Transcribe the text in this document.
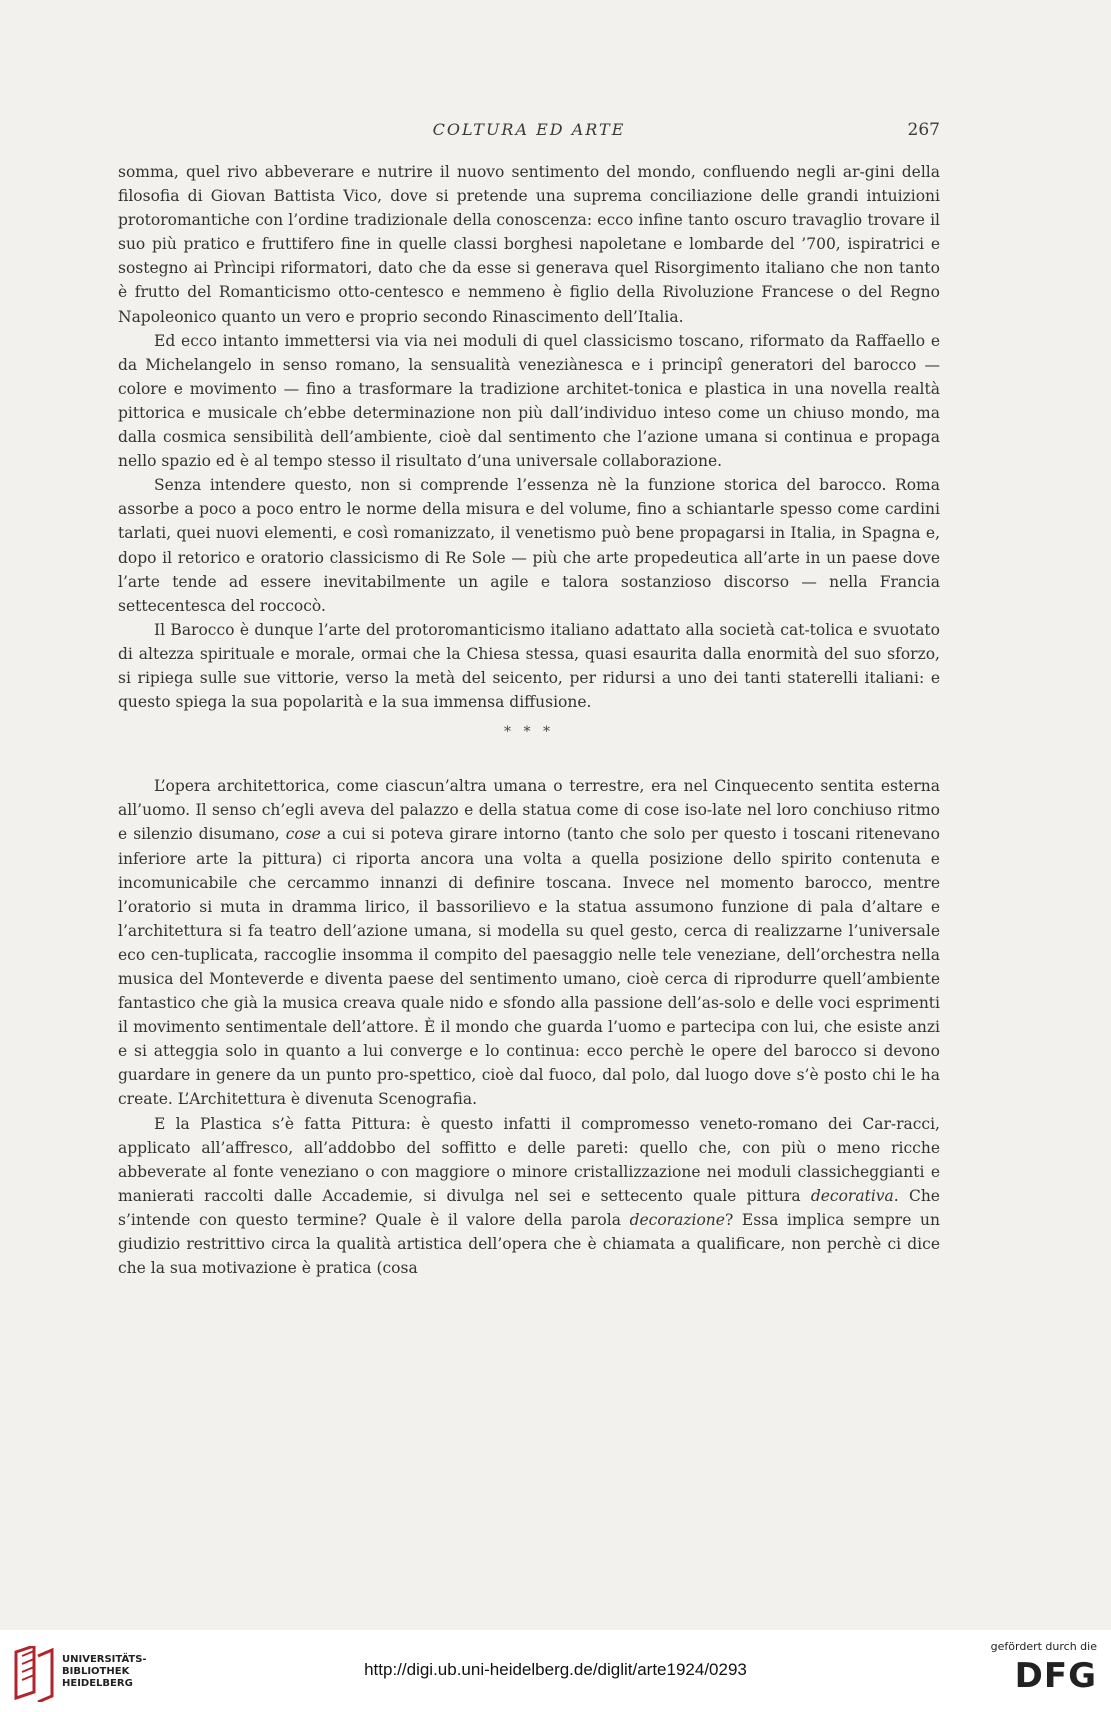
COLTURA ED ARTE	267

somma, quel rivo abbeverare e nutrire il nuovo sentimento del mondo, confluendo negli ar-gini della filosofia di Giovan Battista Vico, dove si pretende una suprema conciliazione delle grandi intuizioni protoromantiche con l’ordine tradizionale della conoscenza: ecco infine tanto oscuro travaglio trovare il suo più pratico e fruttifero fine in quelle classi borghesi napoletane e lombarde del ’700, ispiratrici e sostegno ai Prìncipi riformatori, dato che da esse si generava quel Risorgimento italiano che non tanto è frutto del Romanticismo otto-centesco e nemmeno è figlio della Rivoluzione Francese o del Regno Napoleonico quanto un vero e proprio secondo Rinascimento dell’Italia.

Ed ecco intanto immettersi via via nei moduli di quel classicismo toscano, riformato da Raffaello e da Michelangelo in senso romano, la sensualità veneziànesca e i principî generatori del barocco — colore e movimento — fino a trasformare la tradizione architet-tonica e plastica in una novella realtà pittorica e musicale ch’ebbe determinazione non più dall’individuo inteso come un chiuso mondo, ma dalla cosmica sensibilità dell’ambiente, cioè dal sentimento che l’azione umana si continua e propaga nello spazio ed è al tempo stesso il risultato d’una universale collaborazione.

Senza intendere questo, non si comprende l’essenza nè la funzione storica del barocco. Roma assorbe a poco a poco entro le norme della misura e del volume, fino a schiantarle spesso come cardini tarlati, quei nuovi elementi, e così romanizzato, il venetismo può bene propagarsi in Italia, in Spagna e, dopo il retorico e oratorio classicismo di Re Sole — più che arte propedeutica all’arte in un paese dove l’arte tende ad essere inevitabilmente un agile e talora sostanzioso discorso — nella Francia settecentesca del roccocò.

Il Barocco è dunque l’arte del protoromanticismo italiano adattato alla società cat-tolica e svuotato di altezza spirituale e morale, ormai che la Chiesa stessa, quasi esaurita dalla enormità del suo sforzo, si ripiega sulle sue vittorie, verso la metà del seicento, per ridursi a uno dei tanti staterelli italiani: e questo spiega la sua popolarità e la sua immensa diffusione.

* * *

L’opera architettorica, come ciascun’altra umana o terrestre, era nel Cinquecento sentita esterna all’uomo. Il senso ch’egli aveva del palazzo e della statua come di cose iso-late nel loro conchiuso ritmo e silenzio disumano, cose a cui si poteva girare intorno (tanto che solo per questo i toscani ritenevano inferiore arte la pittura) ci riporta ancora una volta a quella posizione dello spirito contenuta e incomunicabile che cercammo innanzi di definire toscana. Invece nel momento barocco, mentre l’oratorio si muta in dramma lirico, il bassorilievo e la statua assumono funzione di pala d’altare e l’architettura si fa teatro dell’azione umana, si modella su quel gesto, cerca di realizzarne l’universale eco cen-tuplicata, raccoglie insomma il compito del paesaggio nelle tele veneziane, dell’orchestra nella musica del Monteverde e diventa paese del sentimento umano, cioè cerca di riprodurre quell’ambiente fantastico che già la musica creava quale nido e sfondo alla passione dell’as-solo e delle voci esprimenti il movimento sentimentale dell’attore. È il mondo che guarda l’uomo e partecipa con lui, che esiste anzi e si atteggia solo in quanto a lui converge e lo continua: ecco perchè le opere del barocco si devono guardare in genere da un punto pro-spettico, cioè dal fuoco, dal polo, dal luogo dove s’è posto chi le ha create. L’Architettura è divenuta Scenografia.

E la Plastica s’è fatta Pittura: è questo infatti il compromesso veneto-romano dei Car-racci, applicato all’affresco, all’addobbo del soffitto e delle pareti: quello che, con più o meno ricche abbeverate al fonte veneziano o con maggiore o minore cristallizzazione nei moduli classicheggianti e manierati raccolti dalle Accademie, si divulga nel sei e settecento quale pittura decorativa. Che s’intende con questo termine? Quale è il valore della parola decorazione? Essa implica sempre un giudizio restrittivo circa la qualità artistica dell’opera che è chiamata a qualificare, non perchè ci dice che la sua motivazione è pratica (cosa

UNIVERSITÄTS-
BIBLIOTHEK
HEIDELBERG
http://digi.ub.uni-heidelberg.de/diglit/arte1924/0293
gefördert durch die
DFG
